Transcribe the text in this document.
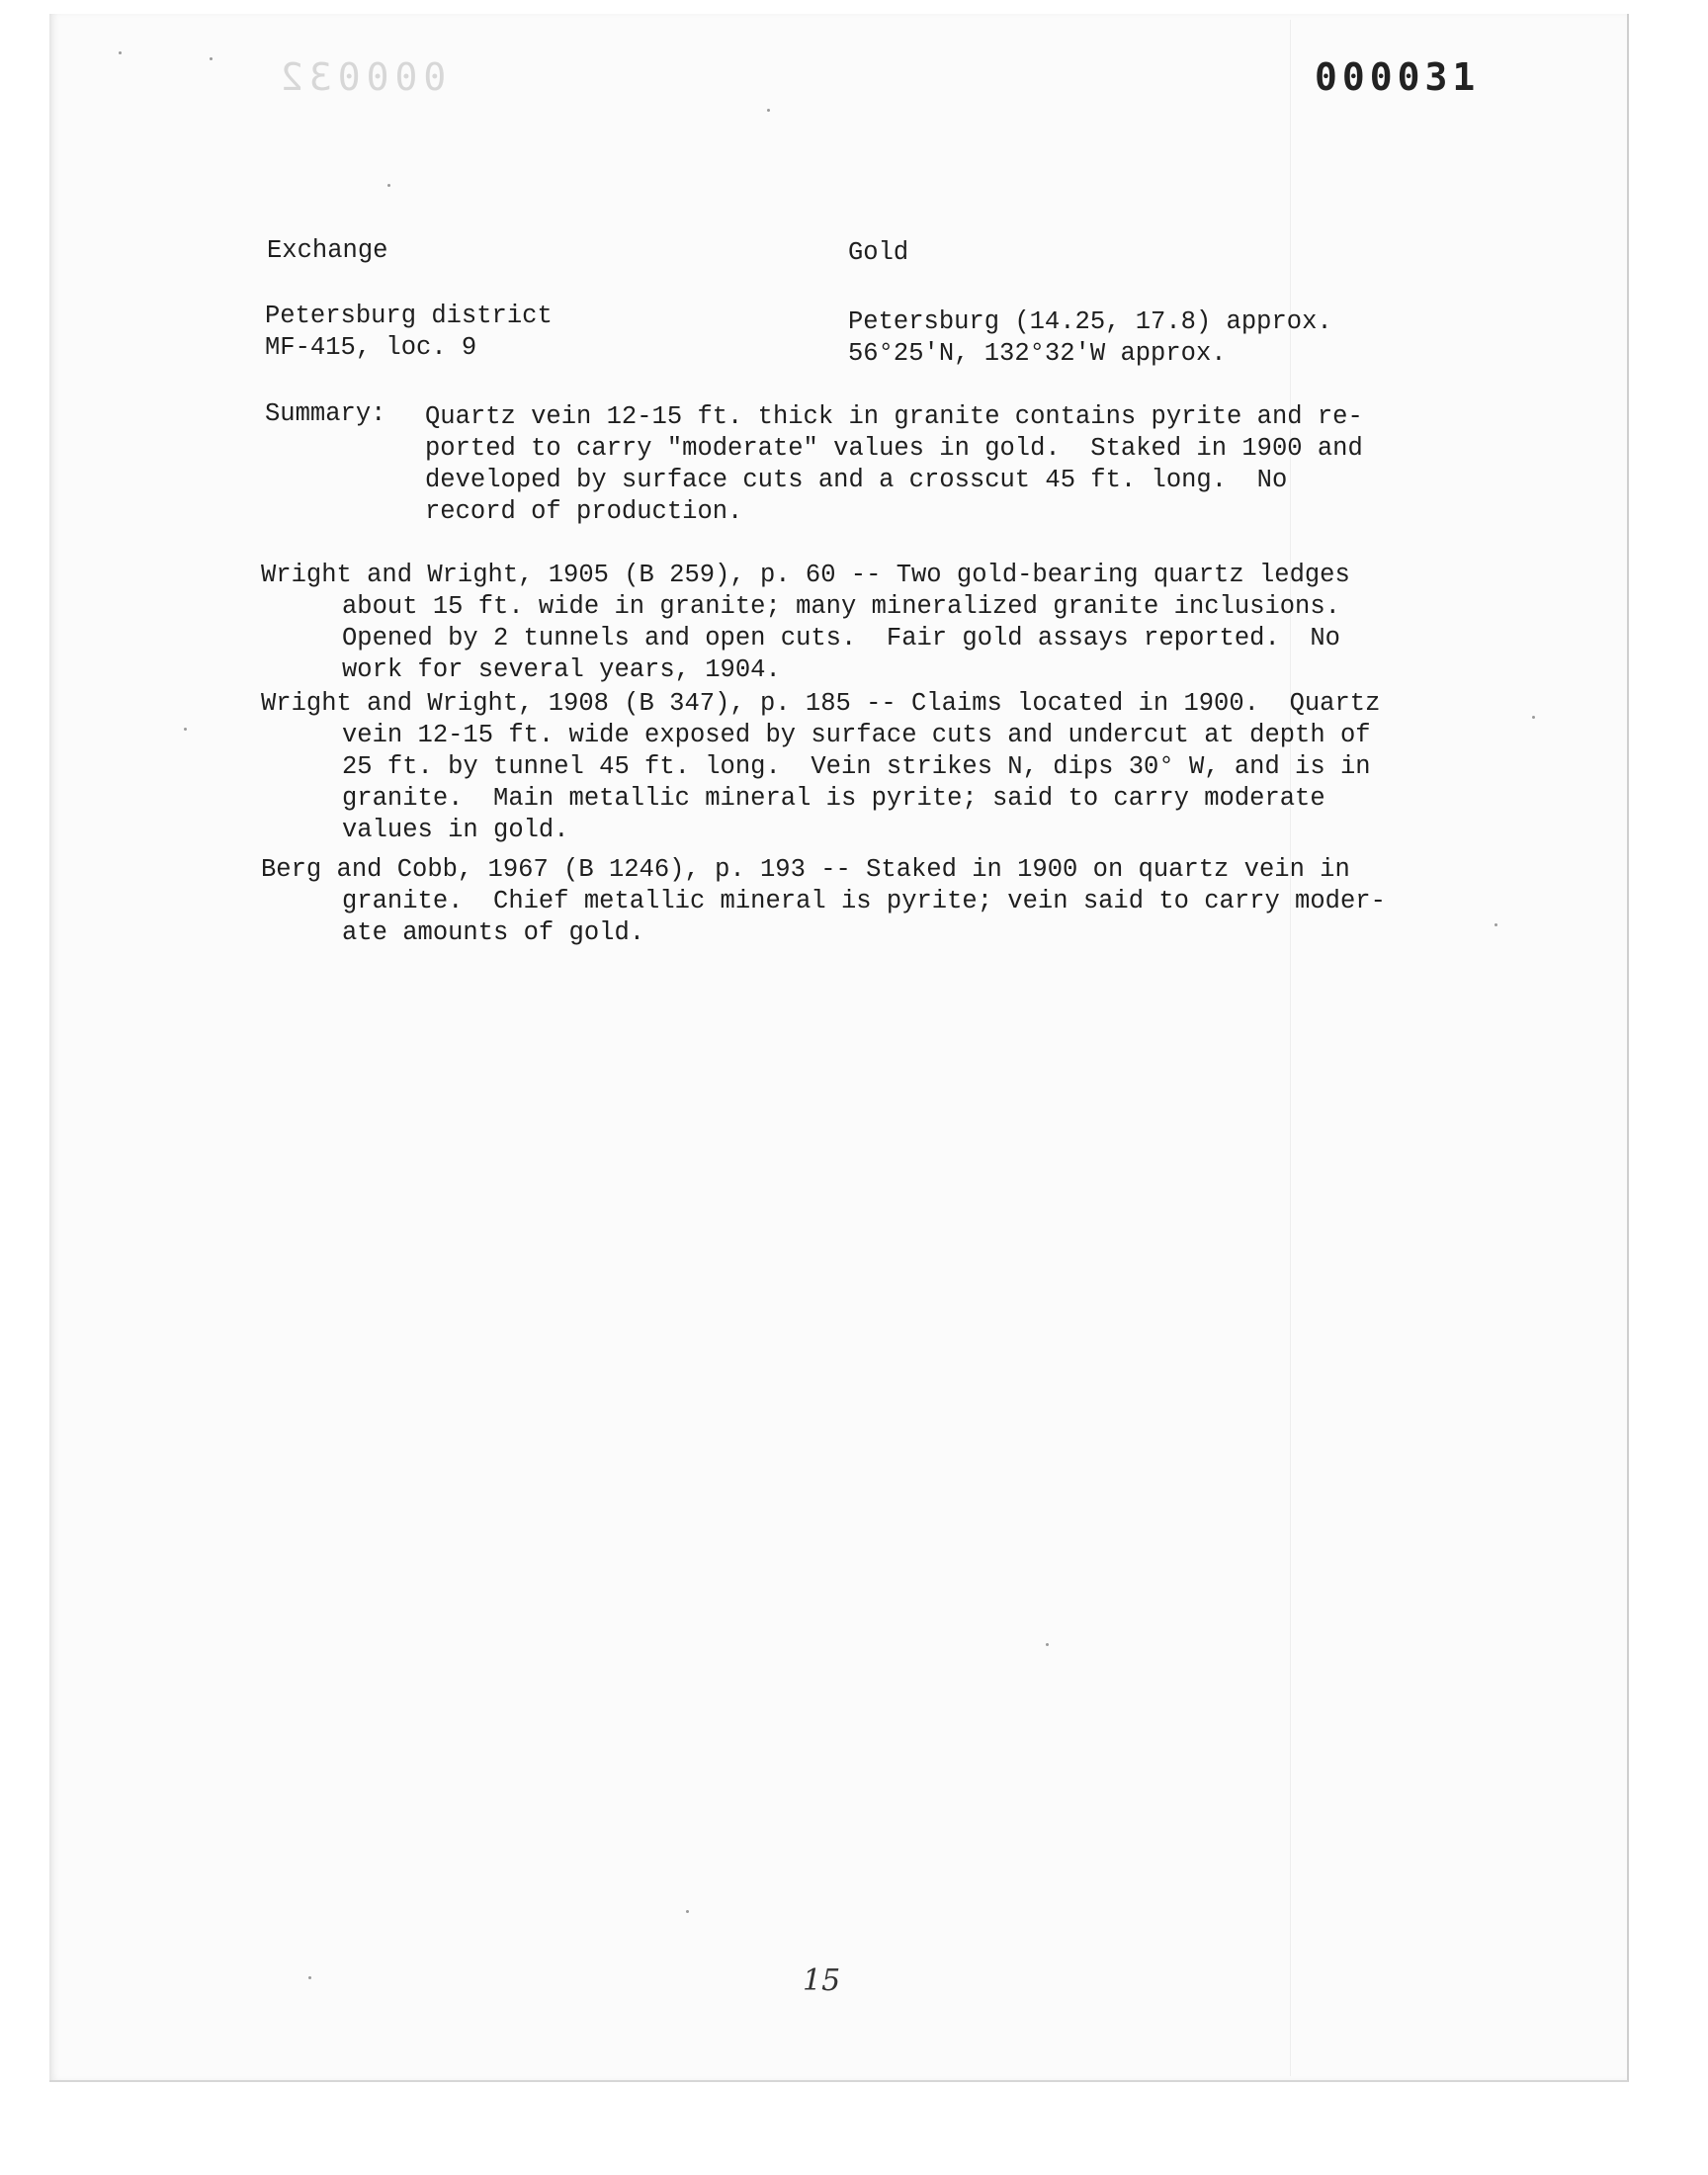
000032	000031
Exchange	Gold
Petersburg district
MF-415, loc. 9
Petersburg (14.25, 17.8) approx.
56°25'N, 132°32'W approx.
Summary: Quartz vein 12-15 ft. thick in granite contains pyrite and re-
ported to carry "moderate" values in gold.  Staked in 1900 and
developed by surface cuts and a crosscut 45 ft. long.  No
record of production.
Wright and Wright, 1905 (B 259), p. 60 -- Two gold-bearing quartz ledges
about 15 ft. wide in granite; many mineralized granite inclusions.
Opened by 2 tunnels and open cuts.  Fair gold assays reported.  No
work for several years, 1904.
Wright and Wright, 1908 (B 347), p. 185 -- Claims located in 1900.  Quartz
vein 12-15 ft. wide exposed by surface cuts and undercut at depth of
25 ft. by tunnel 45 ft. long.  Vein strikes N, dips 30° W, and is in
granite.  Main metallic mineral is pyrite; said to carry moderate
values in gold.
Berg and Cobb, 1967 (B 1246), p. 193 -- Staked in 1900 on quartz vein in
granite.  Chief metallic mineral is pyrite; vein said to carry moder-
ate amounts of gold.
15
